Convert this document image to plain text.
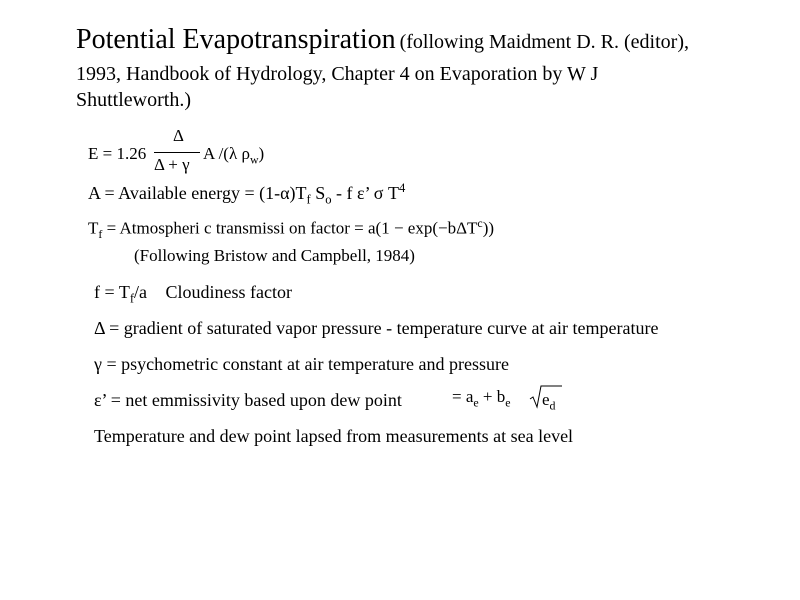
Potential Evapotranspiration (following Maidment D. R. (editor),
1993, Handbook of Hydrology, Chapter 4 on Evaporation by W J
Shuttleworth.)
E = 1.26
Δ
Δ + γ
A /(λ $\rho_w$)
A = Available energy = $(1-\alpha)T_f$ $S_o$ - f ε’ σ $T^4$
$T_f$ = Atmospheri c transmissi on factor = a(1 − exp(−bΔT$^c$))
(Following Bristow and Campbell, 1984)
$f = T_f/a$ Cloudiness factor
Δ = gradient of saturated vapor pressure - temperature curve at air temperature
γ = psychometric constant at air temperature and pressure
ε’ = net emmissivity based upon dew point	= $a_e + b_e$ $e_d$
Temperature and dew point lapsed from measurements at sea level
